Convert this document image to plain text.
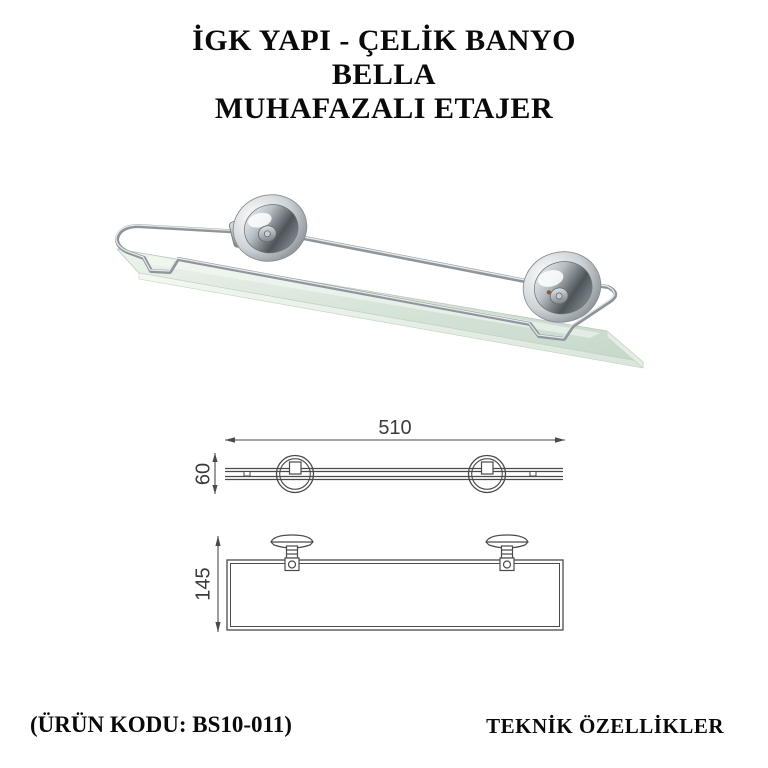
İGK YAPI - ÇELİK BANYO
BELLA
MUHAFAZALI ETAJER
510
60
145
(ÜRÜN KODU: BS10-011)	TEKNİK ÖZELLİKLER
